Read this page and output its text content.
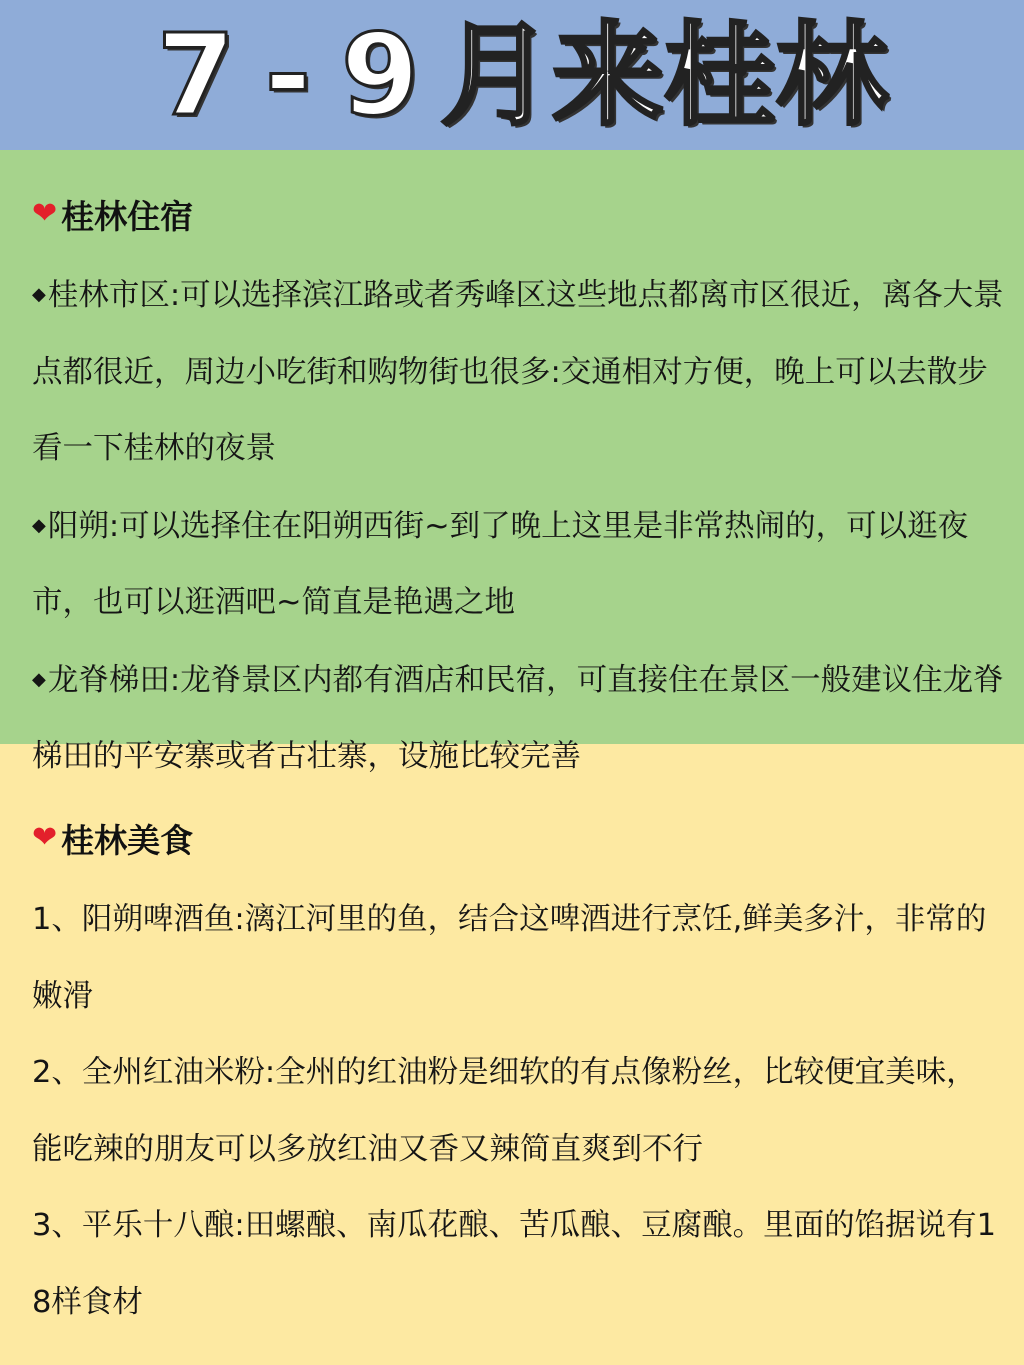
7 - 9 月 来 桂 林
❤ 桂林住宿

◆桂林市区:可以选择滨江路或者秀峰区这些地点都离市区很近，离各大景点都很近，周边小吃街和购物街也很多:交通相对方便，晚上可以去散步看一下桂林的夜景

◆阳朔:可以选择住在阳朔西街~到了晚上这里是非常热闹的，可以逛夜市，也可以逛酒吧~简直是艳遇之地

◆龙脊梯田:龙脊景区内都有酒店和民宿，可直接住在景区一般建议住龙脊梯田的平安寨或者古壮寨，设施比较完善

❤ 桂林美食

1、阳朔啤酒鱼:漓江河里的鱼，结合这啤酒进行烹饪,鲜美多汁，非常的嫩滑

2、全州红油米粉:全州的红油粉是细软的有点像粉丝，比较便宜美味，能吃辣的朋友可以多放红油又香又辣简直爽到不行

3、平乐十八酿:田螺酿、南瓜花酿、苦瓜酿、豆腐酿。里面的馅据说有18样食材
